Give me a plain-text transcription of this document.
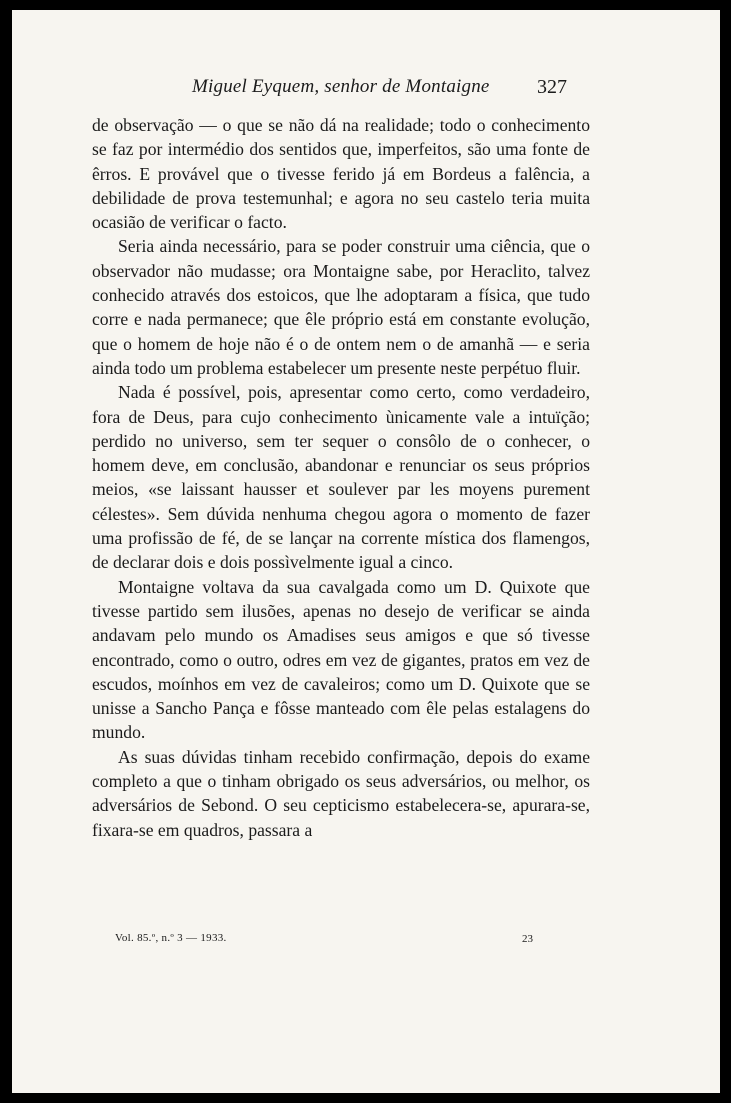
Miguel Eyquem, senhor de Montaigne 327

de observação — o que se não dá na realidade; todo o conhecimento se faz por intermédio dos sentidos que, imperfeitos, são uma fonte de êrros. E provável que o tivesse ferido já em Bordeus a falência, a debilidade de prova testemunhal; e agora no seu castelo teria muita ocasião de verificar o facto.

Seria ainda necessário, para se poder construir uma ciência, que o observador não mudasse; ora Montaigne sabe, por Heraclito, talvez conhecido através dos estoicos, que lhe adoptaram a física, que tudo corre e nada permanece; que êle próprio está em constante evolução, que o homem de hoje não é o de ontem nem o de amanhã — e seria ainda todo um problema estabelecer um presente neste perpétuo fluir.

Nada é possível, pois, apresentar como certo, como verdadeiro, fora de Deus, para cujo conhecimento ùnicamente vale a intuïção; perdido no universo, sem ter sequer o consôlo de o conhecer, o homem deve, em conclusão, abandonar e renunciar os seus próprios meios, «se laissant hausser et soulever par les moyens purement célestes». Sem dúvida nenhuma chegou agora o momento de fazer uma profissão de fé, de se lançar na corrente mística dos flamengos, de declarar dois e dois possìvelmente igual a cinco.

Montaigne voltava da sua cavalgada como um D. Quixote que tivesse partido sem ilusões, apenas no desejo de verificar se ainda andavam pelo mundo os Amadises seus amigos e que só tivesse encontrado, como o outro, odres em vez de gigantes, pratos em vez de escudos, moínhos em vez de cavaleiros; como um D. Quixote que se unisse a Sancho Pança e fôsse manteado com êle pelas estalagens do mundo.

As suas dúvidas tinham recebido confirmação, depois do exame completo a que o tinham obrigado os seus adversários, ou melhor, os adversários de Sebond. O seu cepticismo estabelecera-se, apurara-se, fixara-se em quadros, passara a

Vol. 85.º, n.º 3 — 1933.	23
